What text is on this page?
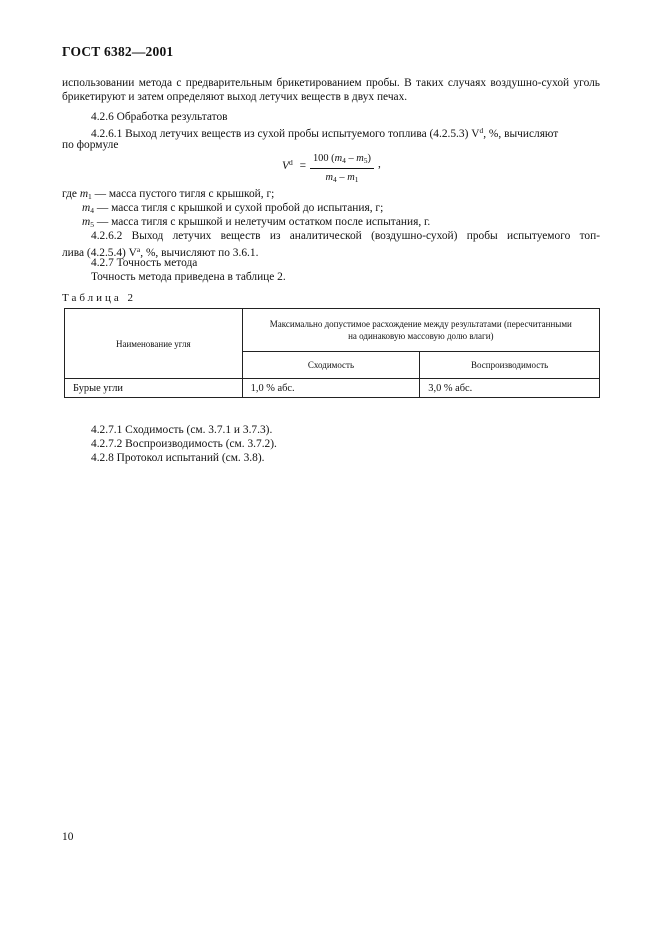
ГОСТ 6382—2001
использовании метода с предварительным брикетированием пробы. В таких случаях воздушно-сухой уголь
брикетируют и затем определяют выход летучих веществ в двух печах.
4.2.6 Обработка результатов
4.2.6.1 Выход летучих веществ из сухой пробы испытуемого топлива (4.2.5.3) $V^d$, %, вычисляют
по формуле
$V^d$ =
100 $(m_4 - m_5)$
$m_4 - m_1$
,
где $m_1$ — масса пустого тигля с крышкой, г;
$m_4$ — масса тигля с крышкой и сухой пробой до испытания, г;
$m_5$ — масса тигля с крышкой и нелетучим остатком после испытания, г.
4.2.6.2 Выход летучих веществ из аналитической (воздушно-сухой) пробы испытуемого топ-
лива (4.2.5.4) $V^a$, %, вычисляют по 3.6.1.
4.2.7 Точность метода
Точность метода приведена в таблице 2.
Таблица 2
Наименование угля	Максимально допустимое расхождение между результатами (пересчитанными
на одинаковую массовую долю влаги)	
	Сходимость	Воспроизводимость
Бурые угли	1,0 % абс.	3,0 % абс.
4.2.7.1 Сходимость (см. 3.7.1 и 3.7.3).
4.2.7.2 Воспроизводимость (см. 3.7.2).
4.2.8 Протокол испытаний (см. 3.8).
10
